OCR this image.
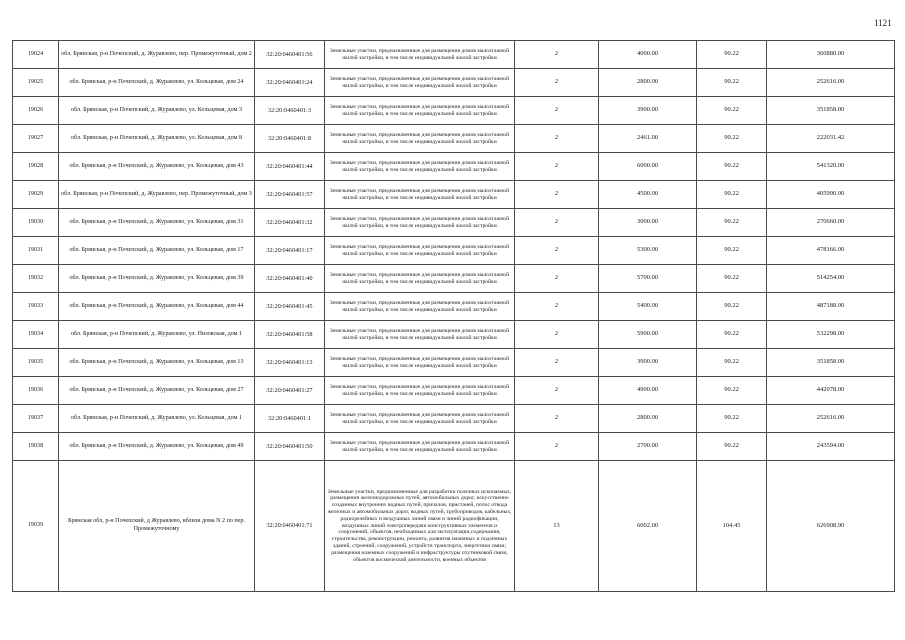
1121
19024	обл. Брянская, р-н Почепский, д. Журавлево, пер. Промежуточный, дом 2	32:20:0460401:56	Земельные участки, предназначенные для размещения домов малоэтажной жилой застройки, в том числе индивидуальной жилой застройки	2	4000.00	90.22	360880.00
19025	обл. Брянская, р-н Почепский, д. Журавлево, ул. Кольцевая, дом 24	32:20:0460401:24	Земельные участки, предназначенные для размещения домов малоэтажной жилой застройки, в том числе индивидуальной жилой застройки	2	2800.00	90.22	252616.00
19026	обл. Брянская, р-н Почепский, д. Журавлево, ул. Кольцевая, дом 3	32:20:0460401:3	Земельные участки, предназначенные для размещения домов малоэтажной жилой застройки, в том числе индивидуальной жилой застройки	2	3900.00	90.22	351858.00
19027	обл. Брянская, р-н Почепский, д. Журавлево, ул. Кольцевая, дом 8	32:20:0460401:8	Земельные участки, предназначенные для размещения домов малоэтажной жилой застройки, в том числе индивидуальной жилой застройки	2	2461.00	90.22	222031.42
19028	обл. Брянская, р-н Почепский, д. Журавлево, ул. Кольцевая, дом 43	32:20:0460401:44	Земельные участки, предназначенные для размещения домов малоэтажной жилой застройки, в том числе индивидуальной жилой застройки	2	6000.00	90.22	541320.00
19029	обл. Брянская, р-н Почепский, д. Журавлево, пер. Промежуточный, дом 3	32:20:0460401:57	Земельные участки, предназначенные для размещения домов малоэтажной жилой застройки, в том числе индивидуальной жилой застройки	2	4500.00	90.22	405990.00
19030	обл. Брянская, р-н Почепский, д. Журавлево, ул. Кольцевая, дом 31	32:20:0460401:32	Земельные участки, предназначенные для размещения домов малоэтажной жилой застройки, в том числе индивидуальной жилой застройки	2	3000.00	90.22	270660.00
19031	обл. Брянская, р-н Почепский, д. Журавлево, ул. Кольцевая, дом 17	32:20:0460401:17	Земельные участки, предназначенные для размещения домов малоэтажной жилой застройки, в том числе индивидуальной жилой застройки	2	5300.00	90.22	478166.00
19032	обл. Брянская, р-н Почепский, д. Журавлево, ул. Кольцевая, дом 39	32:20:0460401:40	Земельные участки, предназначенные для размещения домов малоэтажной жилой застройки, в том числе индивидуальной жилой застройки	2	5700.00	90.22	514254.00
19033	обл. Брянская, р-н Почепский, д. Журавлево, ул. Кольцевая, дом 44	32:20:0460401:45	Земельные участки, предназначенные для размещения домов малоэтажной жилой застройки, в том числе индивидуальной жилой застройки	2	5400.00	90.22	487188.00
19034	обл. Брянская, р-н Почепский, д. Журавлево, ул. Низовская, дом 1	32:20:0460401:58	Земельные участки, предназначенные для размещения домов малоэтажной жилой застройки, в том числе индивидуальной жилой застройки	2	5900.00	90.22	532298.00
19035	обл. Брянская, р-н Почепский, д. Журавлево, ул. Кольцевая, дом 13	32:20:0460401:13	Земельные участки, предназначенные для размещения домов малоэтажной жилой застройки, в том числе индивидуальной жилой застройки	2	3900.00	90.22	351858.00
19036	обл. Брянская, р-н Почепский, д. Журавлево, ул. Кольцевая, дом 27	32:20:0460401:27	Земельные участки, предназначенные для размещения домов малоэтажной жилой застройки, в том числе индивидуальной жилой застройки	2	4900.00	90.22	442078.00
19037	обл. Брянская, р-н Почепский, д. Журавлево, ул. Кольцевая, дом 1	32:20:0460401:1	Земельные участки, предназначенные для размещения домов малоэтажной жилой застройки, в том числе индивидуальной жилой застройки	2	2800.00	90.22	252616.00
19038	обл. Брянская, р-н Почепский, д. Журавлево, ул. Кольцевая, дом 49	32:20:0460401:50	Земельные участки, предназначенные для размещения домов малоэтажной жилой застройки, в том числе индивидуальной жилой застройки	2	2700.00	90.22	243594.00
19039	Брянская обл, р-н Почепский, д Журавлево, вблизи дома N 2 по пер. Промежуточному	32:20:0460401:71	Земельные участки, предназначенные для разработки полезных ископаемых, размещения железнодорожных путей, автомобильных дорог, искусственно созданных внутренних водных путей, причалов, пристаней, полос отвода железных и автомобильных дорог, водных путей, трубопроводов, кабельных, радиорелейных и воздушных линий связи и линий радиофикации, воздушных линий электропередачи конструктивных элементов и сооружений, объектов, необходимых для эксплуатации,содержания, строительства, реконструкции, ремонта, развития наземных и подземных зданий, строений, сооружений, устройств транспорта, энергетики связи; размещения наземных сооружений и инфраструктуры спутниковой связи, объектов космической деятельности, военных объектов	13	6002.00	104.45	626908.90
